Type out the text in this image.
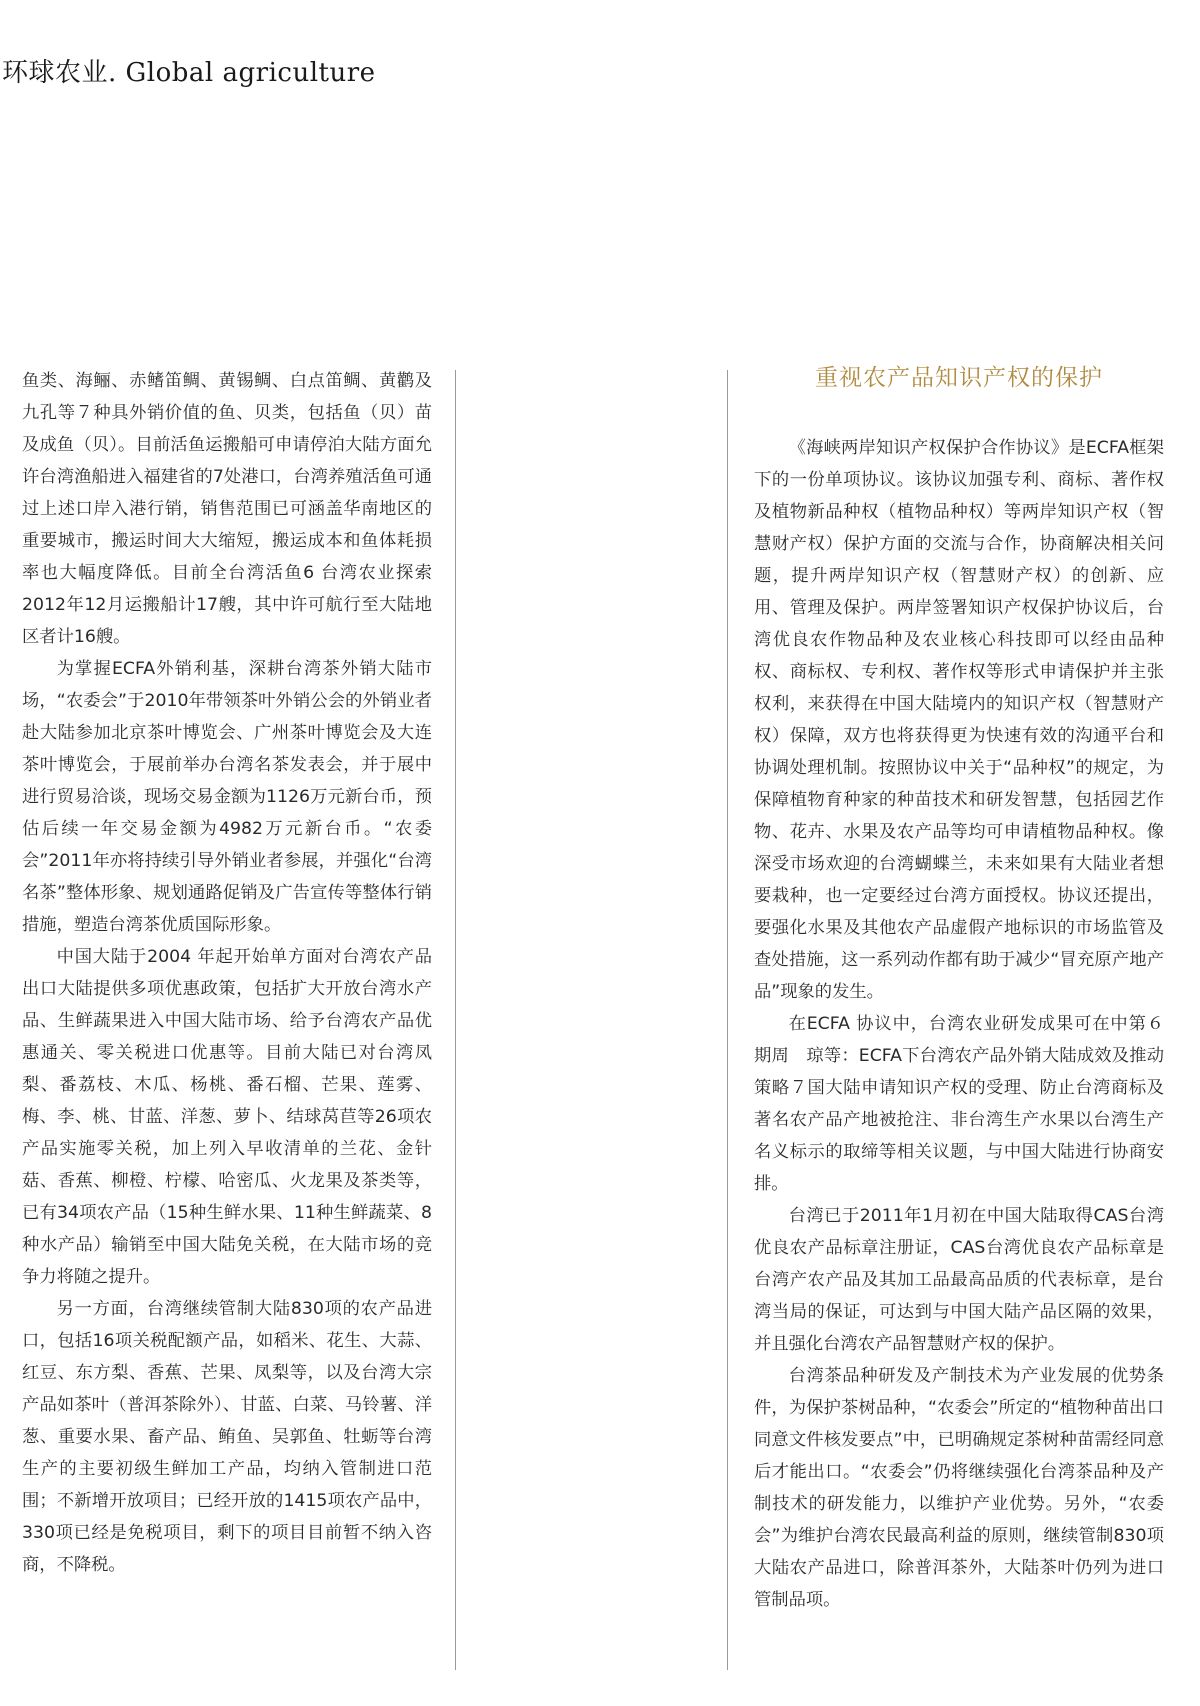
环球农业. Global agriculture

鱼类、海鲡、赤鳍笛鲷、黄锡鲷、白点笛鲷、黄鹳及九孔等７种具外销价值的鱼、贝类，包括鱼（贝）苗及成鱼（贝）。目前活鱼运搬船可申请停泊大陆方面允许台湾渔船进入福建省的7处港口，台湾养殖活鱼可通过上述口岸入港行销，销售范围已可涵盖华南地区的重要城市，搬运时间大大缩短，搬运成本和鱼体耗损率也大幅度降低。目前全台湾活鱼6 台湾农业探索2012年12月运搬船计17艘，其中许可航行至大陆地区者计16艘。

为掌握ECFA外销利基，深耕台湾茶外销大陆市场，“农委会”于2010年带领茶叶外销公会的外销业者赴大陆参加北京茶叶博览会、广州茶叶博览会及大连茶叶博览会，于展前举办台湾名茶发表会，并于展中进行贸易洽谈，现场交易金额为1126万元新台币，预估后续一年交易金额为4982万元新台币。“农委会”2011年亦将持续引导外销业者参展，并强化“台湾名茶”整体形象、规划通路促销及广告宣传等整体行销措施，塑造台湾茶优质国际形象。

中国大陆于2004 年起开始单方面对台湾农产品出口大陆提供多项优惠政策，包括扩大开放台湾水产品、生鲜蔬果进入中国大陆市场、给予台湾农产品优惠通关、零关税进口优惠等。目前大陆已对台湾凤梨、番荔枝、木瓜、杨桃、番石榴、芒果、莲雾、梅、李、桃、甘蓝、洋葱、萝卜、结球莴苣等26项农产品实施零关税，加上列入早收清单的兰花、金针菇、香蕉、柳橙、柠檬、哈密瓜、火龙果及茶类等，已有34项农产品（15种生鲜水果、11种生鲜蔬菜、8种水产品）输销至中国大陆免关税，在大陆市场的竞争力将随之提升。

另一方面，台湾继续管制大陆830项的农产品进口，包括16项关税配额产品，如稻米、花生、大蒜、红豆、东方梨、香蕉、芒果、凤梨等，以及台湾大宗产品如茶叶（普洱茶除外）、甘蓝、白菜、马铃薯、洋葱、重要水果、畜产品、鲔鱼、吴郭鱼、牡蛎等台湾生产的主要初级生鲜加工产品，均纳入管制进口范围；不新增开放项目；已经开放的1415项农产品中，330项已经是免税项目，剩下的项目目前暂不纳入咨商，不降税。

重视农产品知识产权的保护

《海峡两岸知识产权保护合作协议》是ECFA框架下的一份单项协议。该协议加强专利、商标、著作权及植物新品种权（植物品种权）等两岸知识产权（智慧财产权）保护方面的交流与合作，协商解决相关问题，提升两岸知识产权（智慧财产权）的创新、应用、管理及保护。两岸签署知识产权保护协议后，台湾优良农作物品种及农业核心科技即可以经由品种权、商标权、专利权、著作权等形式申请保护并主张权利，来获得在中国大陆境内的知识产权（智慧财产权）保障，双方也将获得更为快速有效的沟通平台和协调处理机制。按照协议中关于“品种权”的规定，为保障植物育种家的种苗技术和研发智慧，包括园艺作物、花卉、水果及农产品等均可申请植物品种权。像深受市场欢迎的台湾蝴蝶兰，未来如果有大陆业者想要栽种，也一定要经过台湾方面授权。协议还提出，要强化水果及其他农产品虚假产地标识的市场监管及查处措施，这一系列动作都有助于减少“冒充原产地产品”现象的发生。

在ECFA 协议中，台湾农业研发成果可在中第６期周　琼等：ECFA下台湾农产品外销大陆成效及推动策略７国大陆申请知识产权的受理、防止台湾商标及著名农产品产地被抢注、非台湾生产水果以台湾生产名义标示的取缔等相关议题，与中国大陆进行协商安排。

台湾已于2011年1月初在中国大陆取得CAS台湾优良农产品标章注册证，CAS台湾优良农产品标章是台湾产农产品及其加工品最高品质的代表标章，是台湾当局的保证，可达到与中国大陆产品区隔的效果，并且强化台湾农产品智慧财产权的保护。

台湾茶品种研发及产制技术为产业发展的优势条件，为保护茶树品种，“农委会”所定的“植物种苗出口同意文件核发要点”中，已明确规定茶树种苗需经同意后才能出口。“农委会”仍将继续强化台湾茶品种及产制技术的研发能力，以维护产业优势。另外，“农委会”为维护台湾农民最高利益的原则，继续管制830项大陆农产品进口，除普洱茶外，大陆茶叶仍列为进口管制品项。
